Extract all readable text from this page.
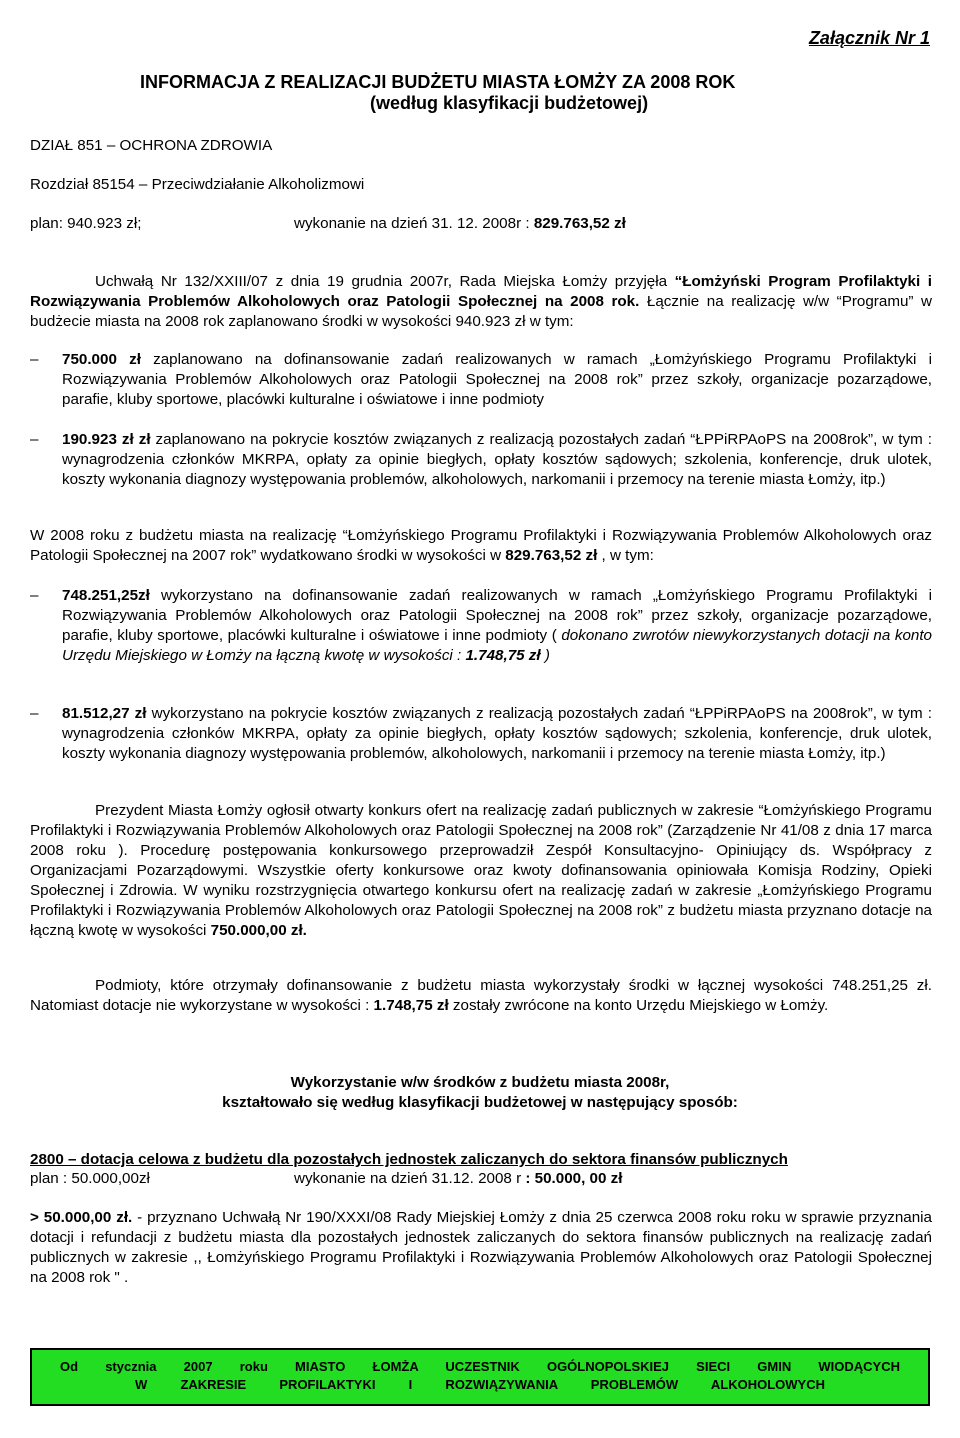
Załącznik Nr 1
INFORMACJA Z REALIZACJI BUDŻETU MIASTA ŁOMŻY ZA 2008 ROK
(według klasyfikacji budżetowej)
DZIAŁ 851 – OCHRONA ZDROWIA
Rozdział 85154 – Przeciwdziałanie Alkoholizmowi
plan: 940.923 zł;	wykonanie na dzień 31. 12. 2008r : 829.763,52 zł
Uchwałą Nr 132/XXIII/07 z dnia 19 grudnia 2007r, Rada Miejska Łomży przyjęła “Łomżyński Program Profilaktyki i Rozwiązywania Problemów Alkoholowych oraz Patologii Społecznej na 2008 rok. Łącznie na realizację w/w “Programu” w budżecie miasta na 2008 rok zaplanowano środki w wysokości 940.923 zł w tym:
– 750.000 zł zaplanowano na dofinansowanie zadań realizowanych w ramach „Łomżyńskiego Programu Profilaktyki i Rozwiązywania Problemów Alkoholowych oraz Patologii Społecznej na 2008 rok” przez szkoły, organizacje pozarządowe, parafie, kluby sportowe, placówki kulturalne i oświatowe i inne podmioty
– 190.923 zł zł zaplanowano na pokrycie kosztów związanych z realizacją pozostałych zadań “ŁPPiRPAoPS na 2008rok”, w tym : wynagrodzenia członków MKRPA, opłaty za opinie biegłych, opłaty kosztów sądowych; szkolenia, konferencje, druk ulotek, koszty wykonania diagnozy występowania problemów, alkoholowych, narkomanii i przemocy na terenie miasta Łomży, itp.)
W 2008 roku z budżetu miasta na realizację “Łomżyńskiego Programu Profilaktyki i Rozwiązywania Problemów Alkoholowych oraz Patologii Społecznej na 2007 rok” wydatkowano środki w wysokości w 829.763,52 zł , w tym:
– 748.251,25zł wykorzystano na dofinansowanie zadań realizowanych w ramach „Łomżyńskiego Programu Profilaktyki i Rozwiązywania Problemów Alkoholowych oraz Patologii Społecznej na 2008 rok” przez szkoły, organizacje pozarządowe, parafie, kluby sportowe, placówki kulturalne i oświatowe i inne podmioty ( dokonano zwrotów niewykorzystanych dotacji na konto Urzędu Miejskiego w Łomży na łączną kwotę w wysokości : 1.748,75 zł )
– 81.512,27 zł wykorzystano na pokrycie kosztów związanych z realizacją pozostałych zadań “ŁPPiRPAoPS na 2008rok”, w tym : wynagrodzenia członków MKRPA, opłaty za opinie biegłych, opłaty kosztów sądowych; szkolenia, konferencje, druk ulotek, koszty wykonania diagnozy występowania problemów, alkoholowych, narkomanii i przemocy na terenie miasta Łomży, itp.)
Prezydent Miasta Łomży ogłosił otwarty konkurs ofert na realizację zadań publicznych w zakresie “Łomżyńskiego Programu Profilaktyki i Rozwiązywania Problemów Alkoholowych oraz Patologii Społecznej na 2008 rok” (Zarządzenie Nr 41/08 z dnia 17 marca 2008 roku ). Procedurę postępowania konkursowego przeprowadził Zespół Konsultacyjno- Opiniujący ds. Współpracy z Organizacjami Pozarządowymi. Wszystkie oferty konkursowe oraz kwoty dofinansowania opiniowała Komisja Rodziny, Opieki Społecznej i Zdrowia. W wyniku rozstrzygnięcia otwartego konkursu ofert na realizację zadań w zakresie „Łomżyńskiego Programu Profilaktyki i Rozwiązywania Problemów Alkoholowych oraz Patologii Społecznej na 2008 rok” z budżetu miasta przyznano dotacje na łączną kwotę w wysokości 750.000,00 zł.
Podmioty, które otrzymały dofinansowanie z budżetu miasta wykorzystały środki w łącznej wysokości 748.251,25 zł. Natomiast dotacje nie wykorzystane w wysokości : 1.748,75 zł zostały zwrócone na konto Urzędu Miejskiego w Łomży.
Wykorzystanie w/w środków z budżetu miasta 2008r,
kształtowało się według klasyfikacji budżetowej w następujący sposób:
2800 – dotacja celowa z budżetu dla pozostałych jednostek zaliczanych do sektora finansów publicznych
plan : 50.000,00zł	wykonanie na dzień 31.12. 2008 r : 50.000, 00 zł
> 50.000,00 zł. - przyznano Uchwałą Nr 190/XXXI/08 Rady Miejskiej Łomży z dnia 25 czerwca 2008 roku roku w sprawie przyznania dotacji i refundacji z budżetu miasta dla pozostałych jednostek zaliczanych do sektora finansów publicznych na realizację zadań publicznych w zakresie ,, Łomżyńskiego Programu Profilaktyki i Rozwiązywania Problemów Alkoholowych oraz Patologii Społecznej na 2008 rok " .
Od stycznia 2007 roku MIASTO ŁOMŻA UCZESTNIK OGÓLNOPOLSKIEJ SIECI GMIN WIODĄCYCH
W ZAKRESIE PROFILAKTYKI I ROZWIĄZYWANIA PROBLEMÓW ALKOHOLOWYCH
